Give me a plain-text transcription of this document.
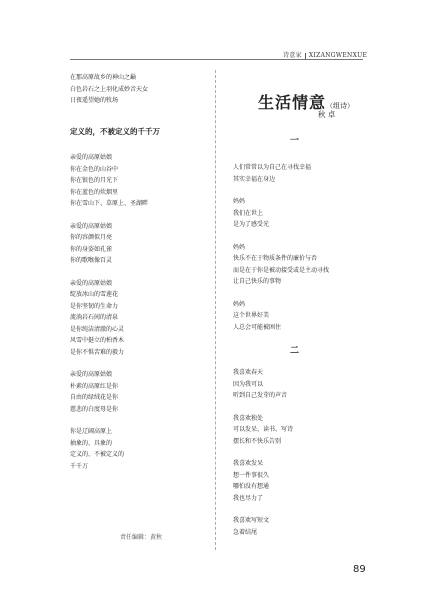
诗意家 XIZANGWENXUE
在那高原故乡的神山之巅
白色岩石之上羽化成妙音天女
日夜遥望她的牧场
定义的，不被定义的千千万
亲爱的高原姑娘
你在金色的山谷中
你在银色的月光下
你在蓝色的炊烟里
你在雪山下、草原上、圣湖畔
亲爱的高原姑娘
你的容颜似月亮
你的身姿如孔雀
你的歌喉像百灵
亲爱的高原姑娘
绽放冰山的雪莲花
是你坚韧的生命力
流淌岩石间的清泉
是你纯洁清澈的心灵
风雪中挺立的柏香木
是你不惧苦难的毅力
亲爱的高原姑娘
朴素的高原红是你
自由的绿绒花是你
慈悲的白度母是你
你是辽阔高原上
抽象的、具象的
定义的、不被定义的
千千万
责任编辑：黄秋
生活情意（组诗）
秋 卓
一
人们常常以为自己在寻找幸福
其实幸福在身边
妈妈
我们在世上
是为了感受光
妈妈
快乐不在于物质条件的廉价与否
而是在于你是被动接受或是主动寻找
让自己快乐的事物
妈妈
这个世界好美
人总会可能被困住
二
我喜欢春天
因为我可以
听到自己发芽的声音
我喜欢独处
可以发呆、读书、写诗
摆长和不快乐告别
我喜欢发呆
想一件事很久
哪怕没有想通
我也尽力了
我喜欢写短文
急着结尾
89
